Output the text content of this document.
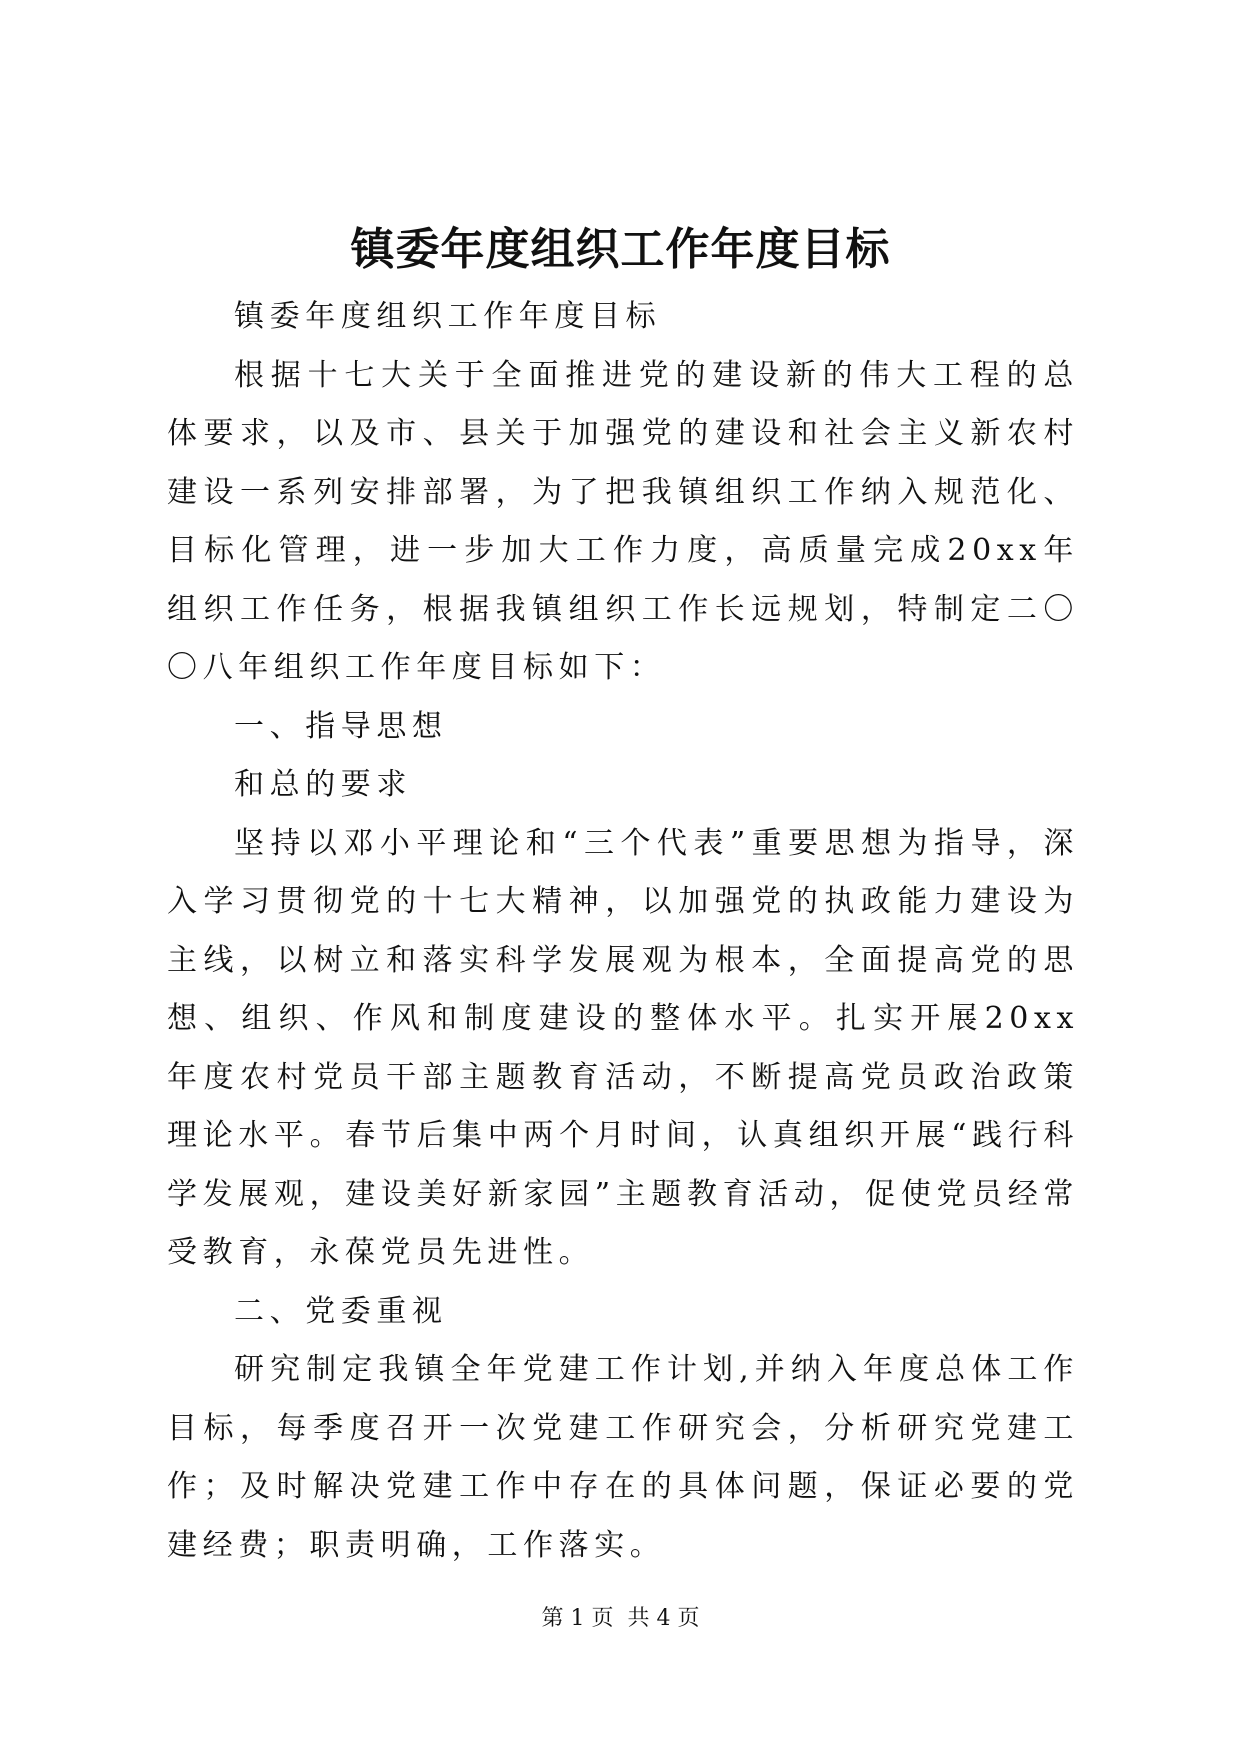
镇委年度组织工作年度目标

镇委年度组织工作年度目标

根据十七大关于全面推进党的建设新的伟大工程的总体要求，以及市、县关于加强党的建设和社会主义新农村建设一系列安排部署，为了把我镇组织工作纳入规范化、目标化管理，进一步加大工作力度，高质量完成20xx年组织工作任务，根据我镇组织工作长远规划，特制定二〇〇八年组织工作年度目标如下：

一、指导思想

和总的要求

坚持以邓小平理论和“三个代表”重要思想为指导，深入学习贯彻党的十七大精神，以加强党的执政能力建设为主线，以树立和落实科学发展观为根本，全面提高党的思想、组织、作风和制度建设的整体水平。扎实开展20xx年度农村党员干部主题教育活动，不断提高党员政治政策理论水平。春节后集中两个月时间，认真组织开展“践行科学发展观，建设美好新家园”主题教育活动，促使党员经常受教育，永葆党员先进性。

二、党委重视

研究制定我镇全年党建工作计划,并纳入年度总体工作目标，每季度召开一次党建工作研究会，分析研究党建工作；及时解决党建工作中存在的具体问题，保证必要的党建经费；职责明确，工作落实。

第 1 页 共 4 页
